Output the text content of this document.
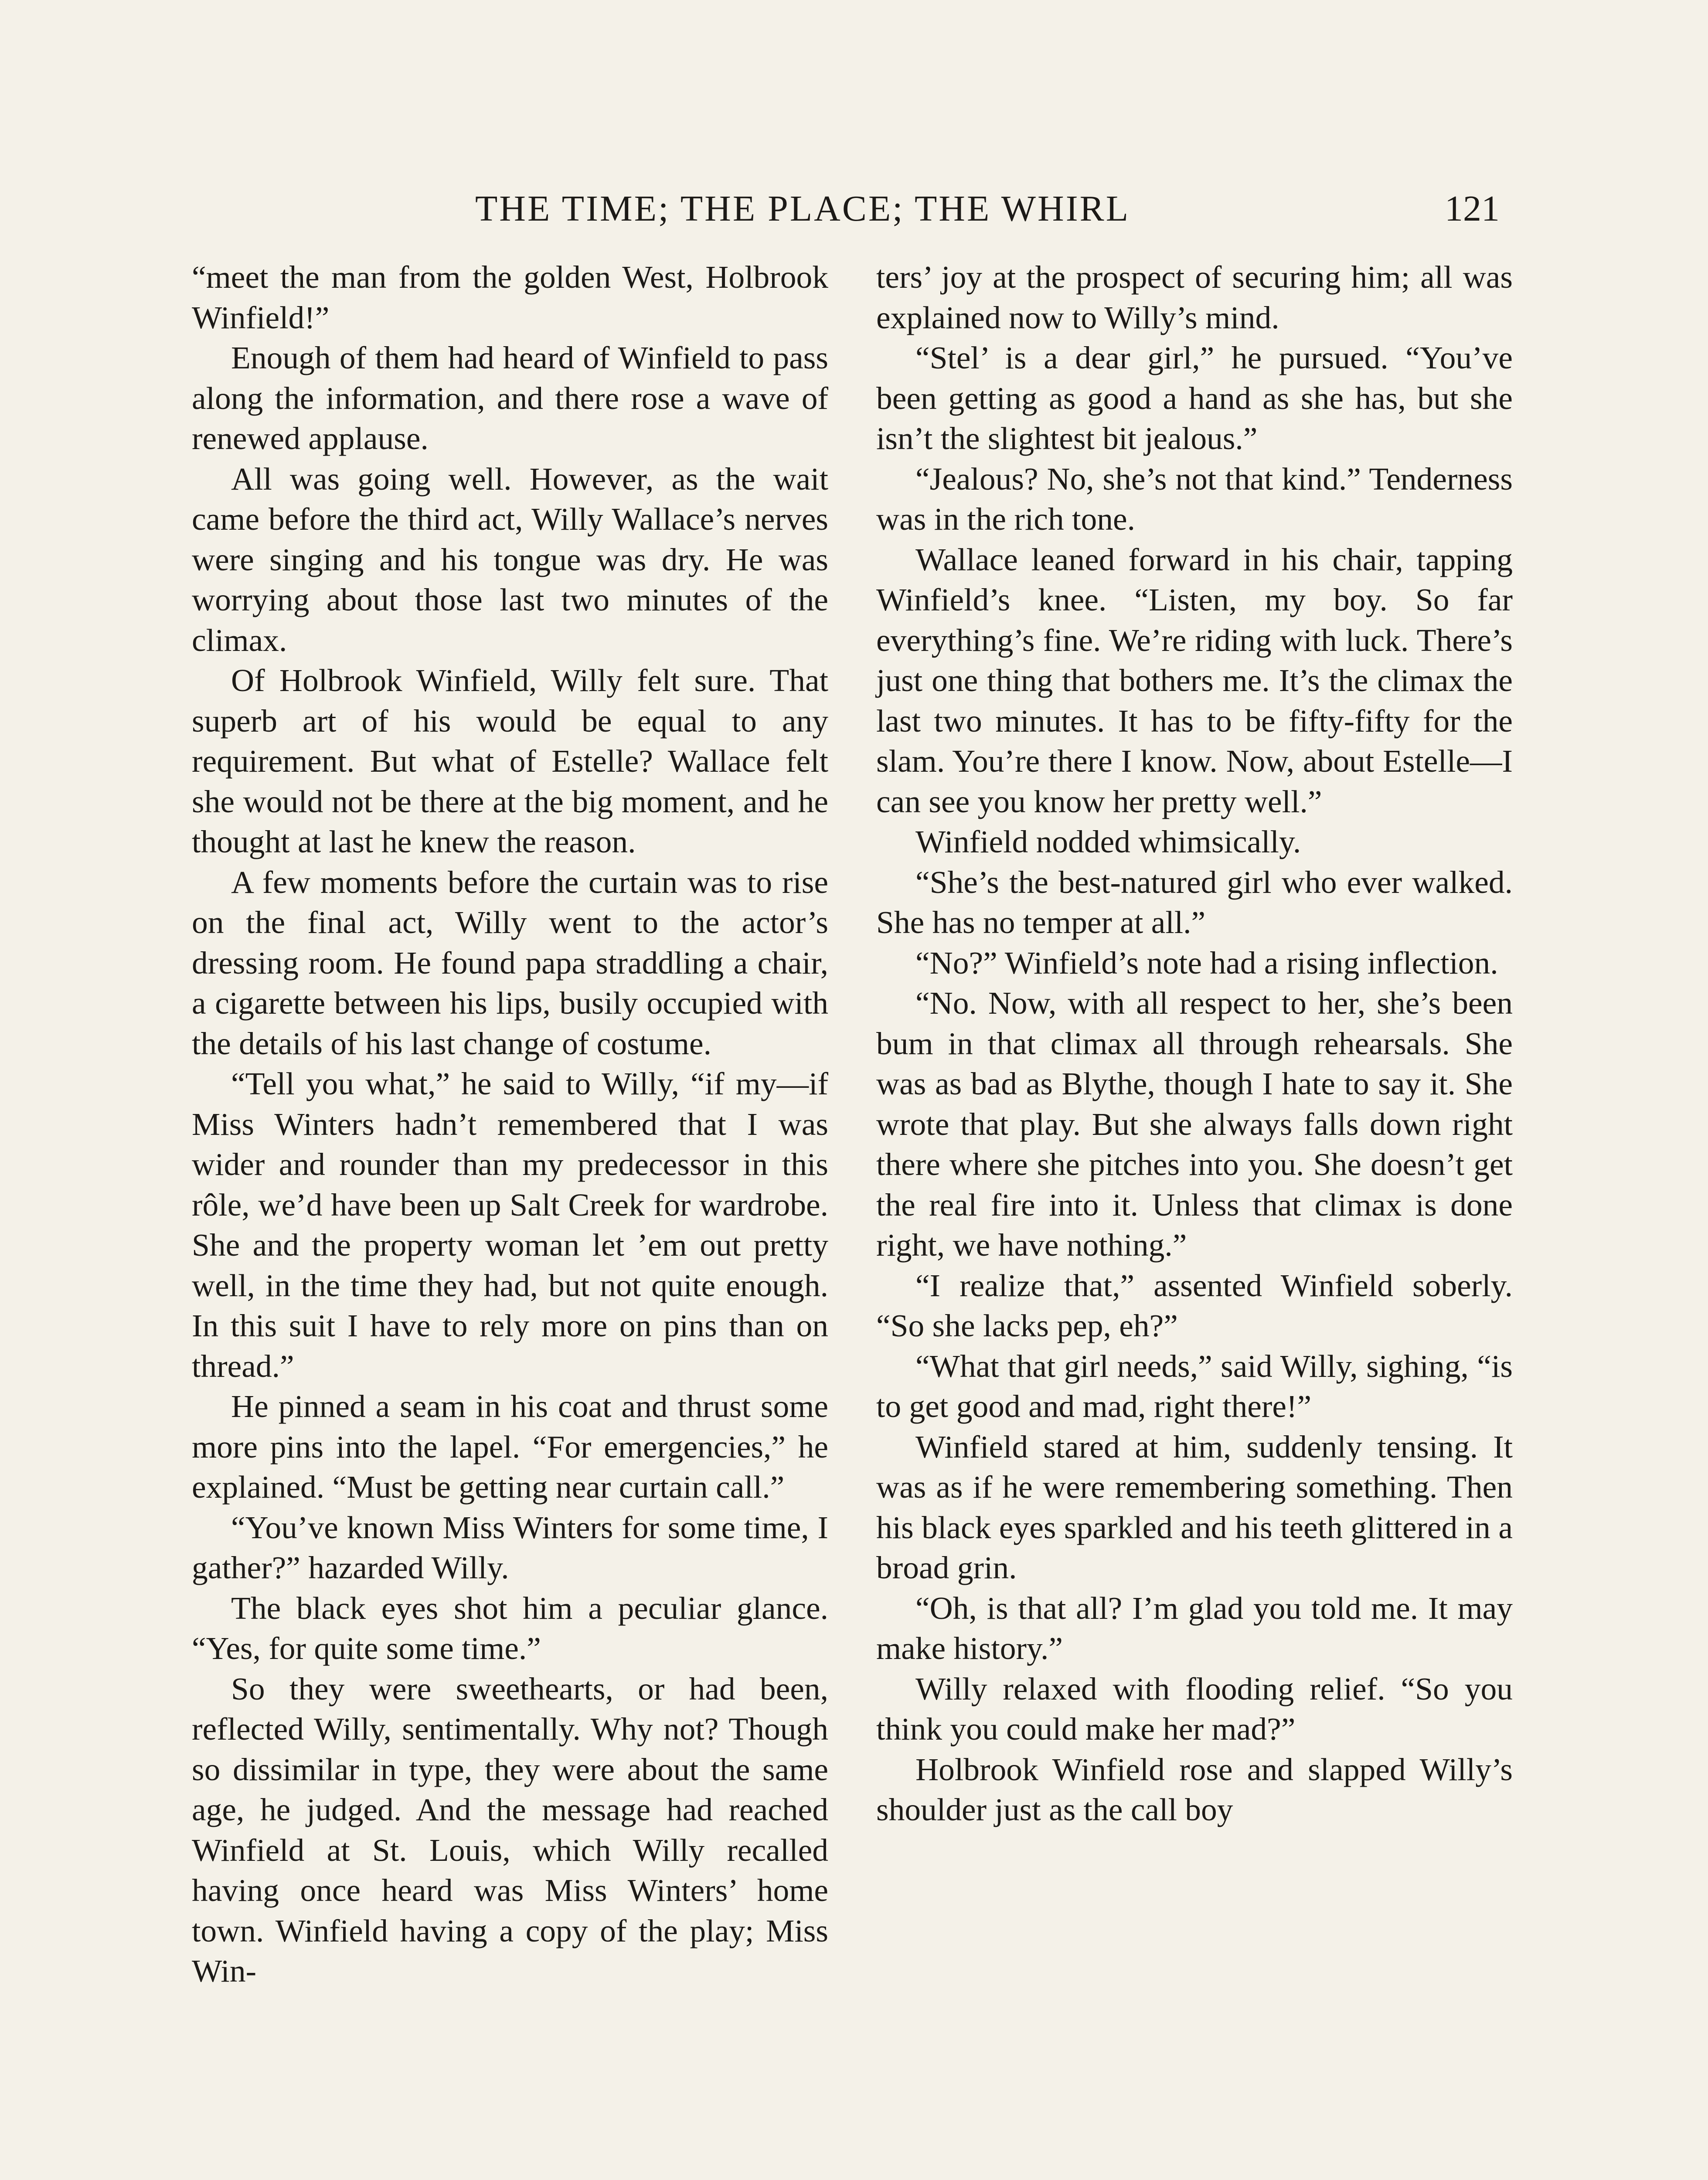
THE TIME; THE PLACE; THE WHIRL	121

“meet the man from the golden West, Holbrook Winfield!”

Enough of them had heard of Winfield to pass along the information, and there rose a wave of renewed applause.

All was going well. However, as the wait came before the third act, Willy Wallace’s nerves were singing and his tongue was dry. He was worrying about those last two minutes of the climax.

Of Holbrook Winfield, Willy felt sure. That superb art of his would be equal to any requirement. But what of Estelle? Wallace felt she would not be there at the big moment, and he thought at last he knew the reason.

A few moments before the curtain was to rise on the final act, Willy went to the actor’s dressing room. He found papa straddling a chair, a cigarette between his lips, busily occupied with the details of his last change of costume.

“Tell you what,” he said to Willy, “if my—if Miss Winters hadn’t remembered that I was wider and rounder than my predecessor in this rôle, we’d have been up Salt Creek for wardrobe. She and the property woman let ’em out pretty well, in the time they had, but not quite enough. In this suit I have to rely more on pins than on thread.”

He pinned a seam in his coat and thrust some more pins into the lapel. “For emergencies,” he explained. “Must be getting near curtain call.”

“You’ve known Miss Winters for some time, I gather?” hazarded Willy.

The black eyes shot him a peculiar glance. “Yes, for quite some time.”

So they were sweethearts, or had been, reflected Willy, sentimentally. Why not? Though so dissimilar in type, they were about the same age, he judged. And the message had reached Winfield at St. Louis, which Willy recalled having once heard was Miss Winters’ home town. Winfield having a copy of the play; Miss Win-

ters’ joy at the prospect of securing him; all was explained now to Willy’s mind.

“Stel’ is a dear girl,” he pursued. “You’ve been getting as good a hand as she has, but she isn’t the slightest bit jealous.”

“Jealous? No, she’s not that kind.” Tenderness was in the rich tone.

Wallace leaned forward in his chair, tapping Winfield’s knee. “Listen, my boy. So far everything’s fine. We’re riding with luck. There’s just one thing that bothers me. It’s the climax the last two minutes. It has to be fifty-fifty for the slam. You’re there I know. Now, about Estelle—I can see you know her pretty well.”

Winfield nodded whimsically.

“She’s the best-natured girl who ever walked. She has no temper at all.”

“No?” Winfield’s note had a rising inflection.

“No. Now, with all respect to her, she’s been bum in that climax all through rehearsals. She was as bad as Blythe, though I hate to say it. She wrote that play. But she always falls down right there where she pitches into you. She doesn’t get the real fire into it. Unless that climax is done right, we have nothing.”

“I realize that,” assented Winfield soberly. “So she lacks pep, eh?”

“What that girl needs,” said Willy, sighing, “is to get good and mad, right there!”

Winfield stared at him, suddenly tensing. It was as if he were remembering something. Then his black eyes sparkled and his teeth glittered in a broad grin.

“Oh, is that all? I’m glad you told me. It may make history.”

Willy relaxed with flooding relief. “So you think you could make her mad?”

Holbrook Winfield rose and slapped Willy’s shoulder just as the call boy
